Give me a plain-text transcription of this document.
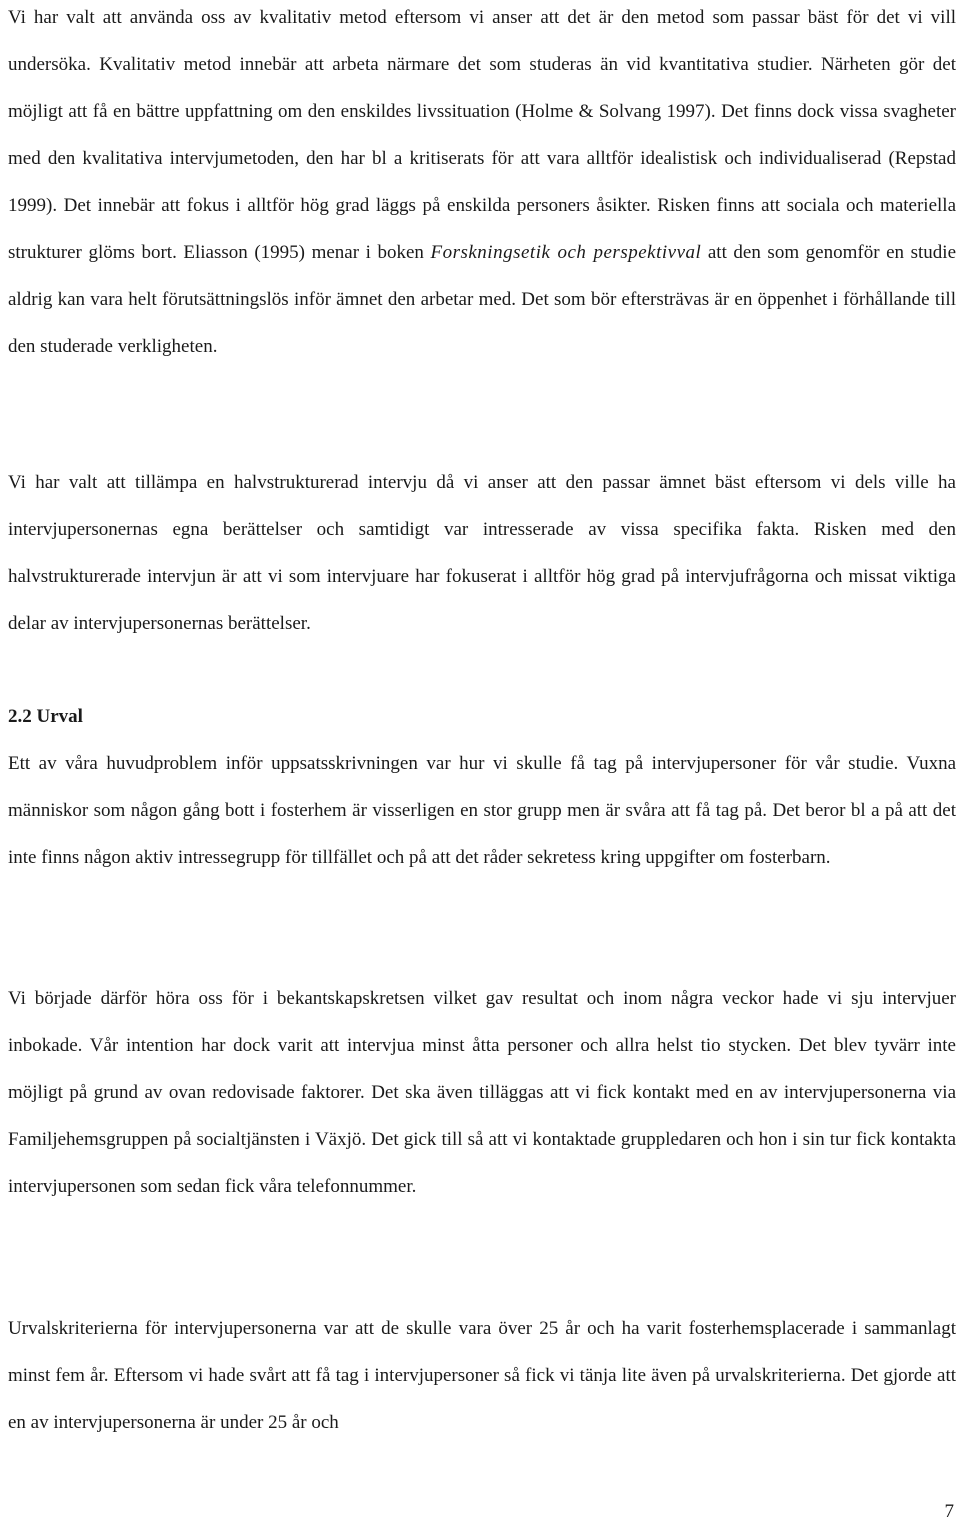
Vi har valt att använda oss av kvalitativ metod eftersom vi anser att det är den metod som passar bäst för det vi vill undersöka. Kvalitativ metod innebär att arbeta närmare det som studeras än vid kvantitativa studier. Närheten gör det möjligt att få en bättre uppfattning om den enskildes livssituation (Holme & Solvang 1997). Det finns dock vissa svagheter med den kvalitativa intervjumetoden, den har bl a kritiserats för att vara alltför idealistisk och individualiserad (Repstad 1999). Det innebär att fokus i alltför hög grad läggs på enskilda personers åsikter. Risken finns att sociala och materiella strukturer glöms bort. Eliasson (1995) menar i boken Forskningsetik och perspektivval att den som genomför en studie aldrig kan vara helt förutsättningslös inför ämnet den arbetar med. Det som bör eftersträvas är en öppenhet i förhållande till den studerade verkligheten.

Vi har valt att tillämpa en halvstrukturerad intervju då vi anser att den passar ämnet bäst eftersom vi dels ville ha intervjupersonernas egna berättelser och samtidigt var intresserade av vissa specifika fakta. Risken med den halvstrukturerade intervjun är att vi som intervjuare har fokuserat i alltför hög grad på intervjufrågorna och missat viktiga delar av intervjupersonernas berättelser.

2.2 Urval

Ett av våra huvudproblem inför uppsatsskrivningen var hur vi skulle få tag på intervjupersoner för vår studie. Vuxna människor som någon gång bott i fosterhem är visserligen en stor grupp men är svåra att få tag på. Det beror bl a på att det inte finns någon aktiv intressegrupp för tillfället och på att det råder sekretess kring uppgifter om fosterbarn.

Vi började därför höra oss för i bekantskapskretsen vilket gav resultat och inom några veckor hade vi sju intervjuer inbokade. Vår intention har dock varit att intervjua minst åtta personer och allra helst tio stycken. Det blev tyvärr inte möjligt på grund av ovan redovisade faktorer. Det ska även tilläggas att vi fick kontakt med en av intervjupersonerna via Familjehemsgruppen på socialtjänsten i Växjö. Det gick till så att vi kontaktade gruppledaren och hon i sin tur fick kontakta intervjupersonen som sedan fick våra telefonnummer.

Urvalskriterierna för intervjupersonerna var att de skulle vara över 25 år och ha varit fosterhemsplacerade i sammanlagt minst fem år. Eftersom vi hade svårt att få tag i intervjupersoner så fick vi tänja lite även på urvalskriterierna. Det gjorde att en av intervjupersonerna är under 25 år och

7
